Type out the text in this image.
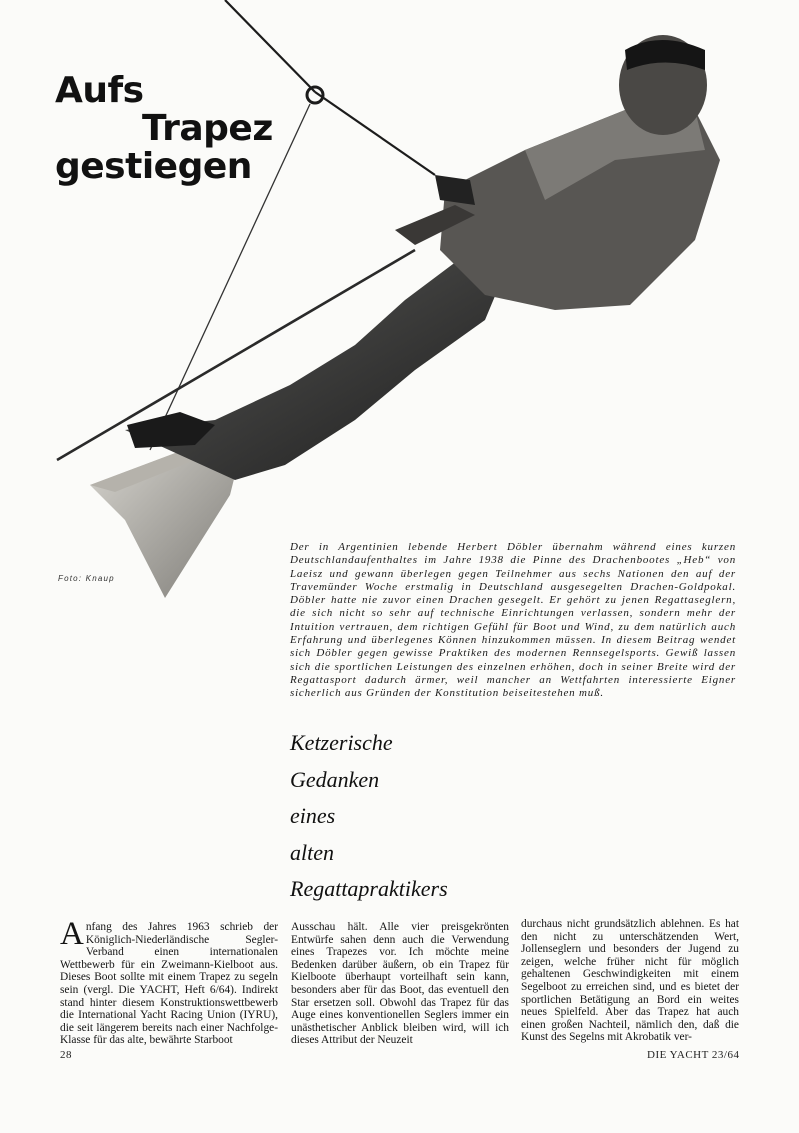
Aufs
Trapez
gestiegen
Foto: Knaup
Der in Argentinien lebende Herbert Döbler übernahm während eines kurzen Deutschlandaufenthaltes im Jahre 1938 die Pinne des Drachenbootes „Heb“ von Laeisz und gewann überlegen gegen Teilnehmer aus sechs Nationen den auf der Travemünder Woche erstmalig in Deutschland ausgesegelten Drachen-Goldpokal. Döbler hatte nie zuvor einen Drachen gesegelt. Er gehört zu jenen Regattaseglern, die sich nicht so sehr auf technische Einrichtungen verlassen, sondern mehr der Intuition vertrauen, dem richtigen Gefühl für Boot und Wind, zu dem natürlich auch Erfahrung und überlegenes Können hinzukommen müssen. In diesem Beitrag wendet sich Döbler gegen gewisse Praktiken des modernen Rennsegelsports. Gewiß lassen sich die sportlichen Leistungen des einzelnen erhöhen, doch in seiner Breite wird der Regattasport dadurch ärmer, weil mancher an Wettfahrten interessierte Eigner sicherlich aus Gründen der Konstitution beiseitestehen muß.
Ketzerische
Gedanken
eines
alten
Regattapraktikers
Anfang des Jahres 1963 schrieb der Königlich-Niederländische Segler-Verband einen internationalen Wettbewerb für ein Zweimann-Kielboot aus. Dieses Boot sollte mit einem Trapez zu segeln sein (vergl. Die YACHT, Heft 6/64). Indirekt stand hinter diesem Konstruktionswettbewerb die International Yacht Racing Union (IYRU), die seit längerem bereits nach einer Nachfolge-Klasse für das alte, bewährte Starboot
Ausschau hält. Alle vier preisgekrönten Entwürfe sahen denn auch die Verwendung eines Trapezes vor. Ich möchte meine Bedenken darüber äußern, ob ein Trapez für Kielboote überhaupt vorteilhaft sein kann, besonders aber für das Boot, das eventuell den Star ersetzen soll. Obwohl das Trapez für das Auge eines konventionellen Seglers immer ein unästhetischer Anblick bleiben wird, will ich dieses Attribut der Neuzeit
durchaus nicht grundsätzlich ablehnen. Es hat den nicht zu unterschätzenden Wert, Jollenseglern und besonders der Jugend zu zeigen, welche früher nicht für möglich gehaltenen Geschwindigkeiten mit einem Segelboot zu erreichen sind, und es bietet der sportlichen Betätigung an Bord ein weites neues Spielfeld. Aber das Trapez hat auch einen großen Nachteil, nämlich den, daß die Kunst des Segelns mit Akrobatik ver-
28	DIE YACHT 23/64
